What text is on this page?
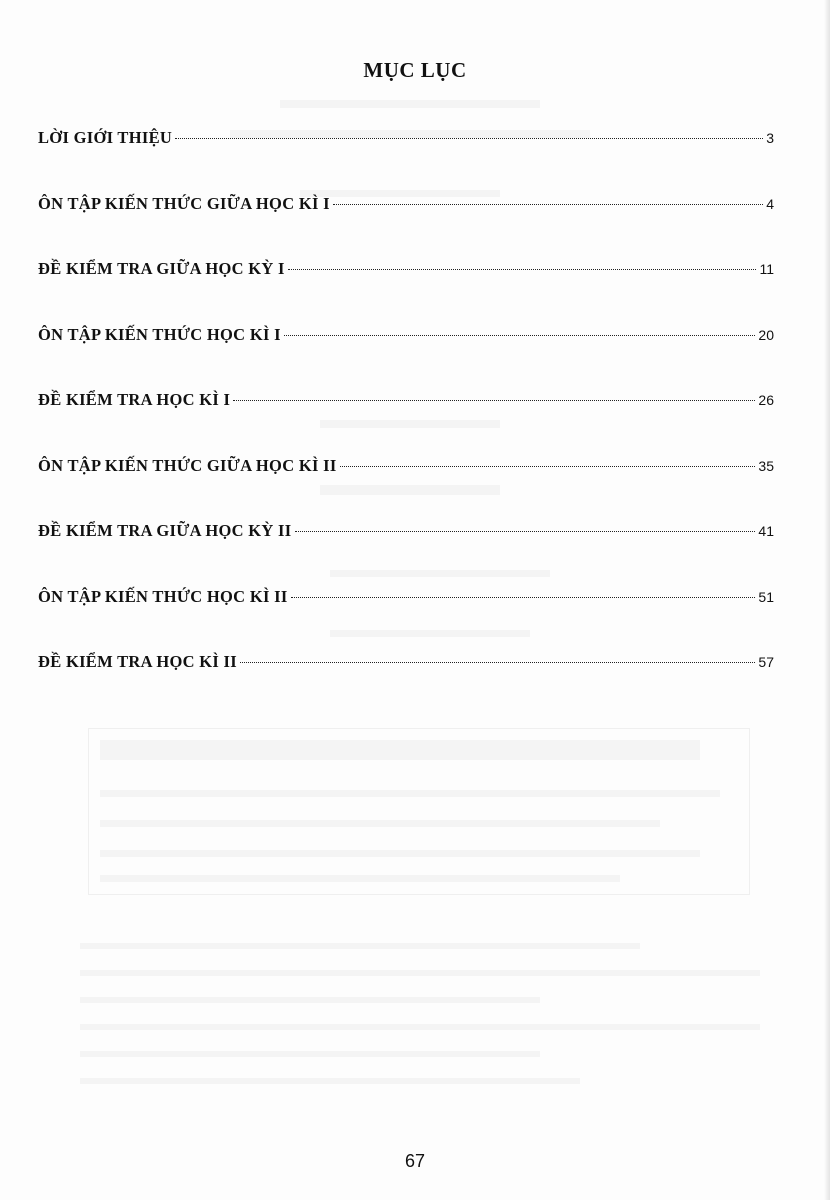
MỤC LỤC
LỜI GIỚI THIỆU	3
ÔN TẬP KIẾN THỨC GIỮA HỌC KÌ I	4
ĐỀ KIỂM TRA GIỮA HỌC KỲ I	11
ÔN TẬP KIẾN THỨC HỌC KÌ I	20
ĐỀ KIỂM TRA HỌC KÌ I	26
ÔN TẬP KIẾN THỨC GIỮA HỌC KÌ II	35
ĐỀ KIỂM TRA GIỮA HỌC KỲ II	41
ÔN TẬP KIẾN THỨC HỌC KÌ II	51
ĐỀ KIỂM TRA HỌC KÌ II	57
67
